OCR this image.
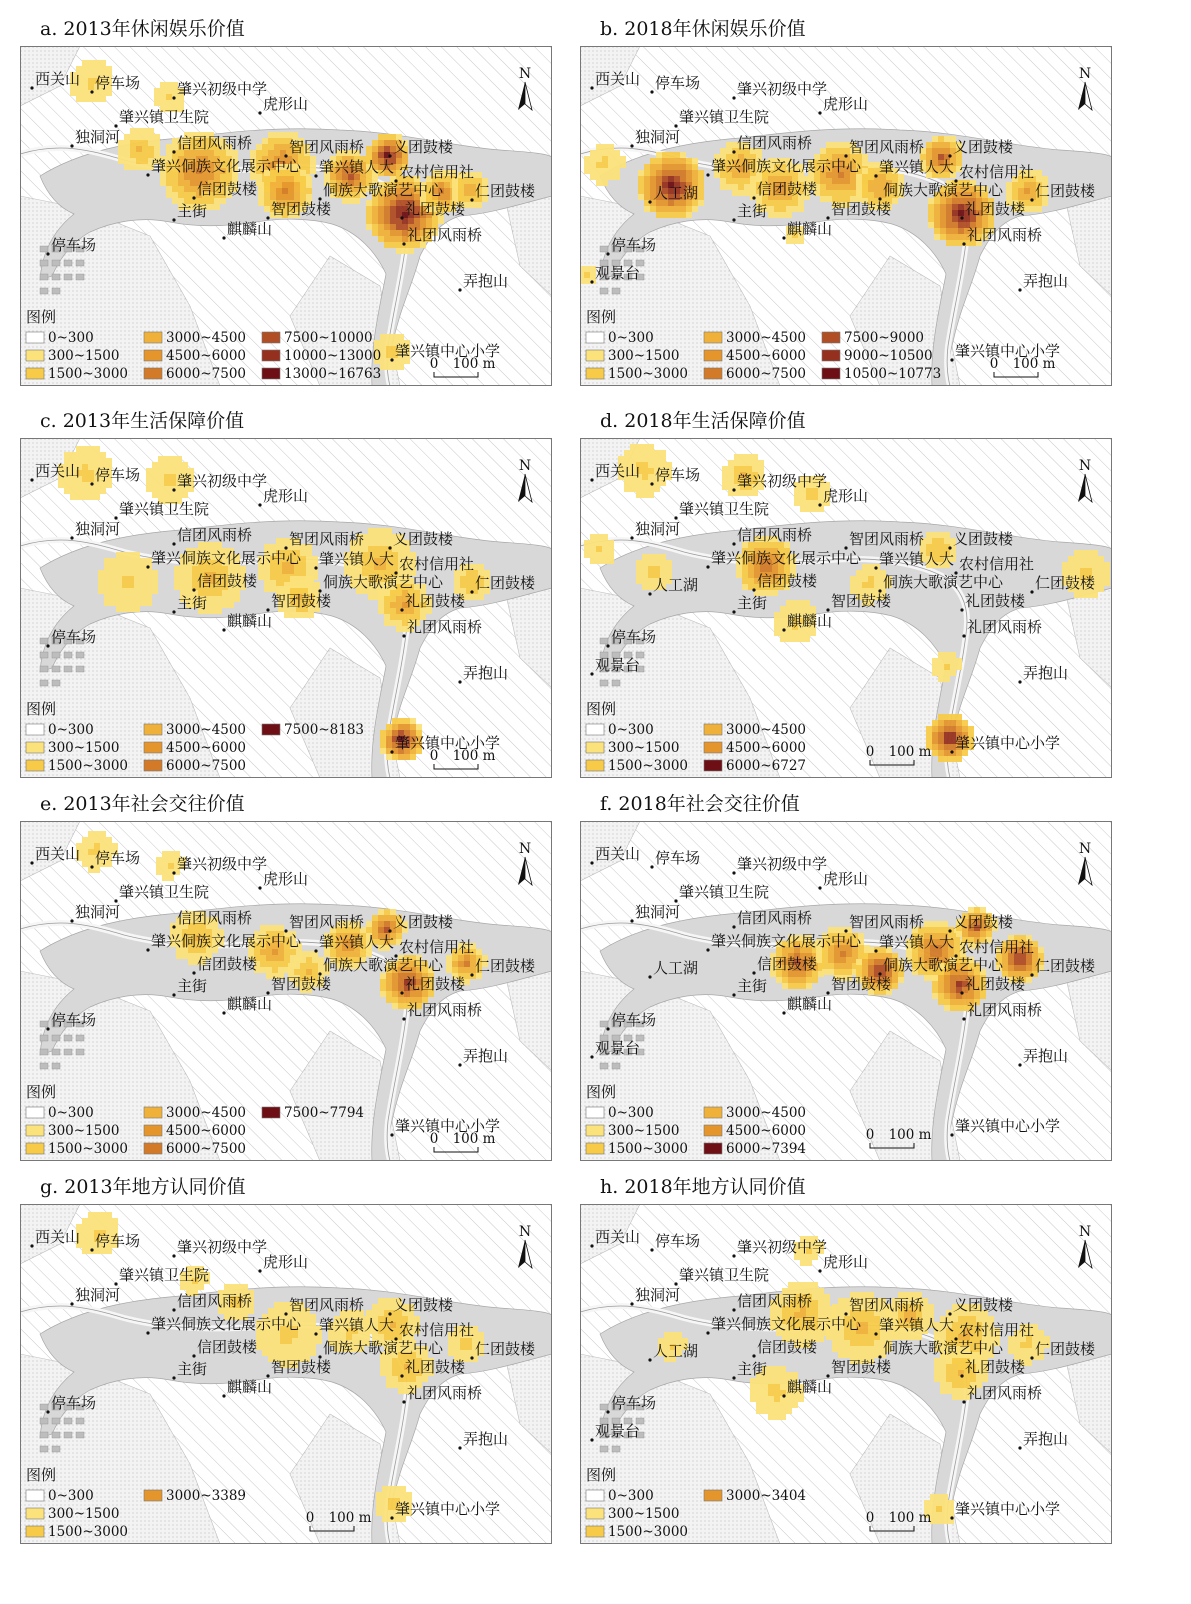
a. 2013年休闲娱乐价值
西关山 停车场 肇兴初级中学
虎形山
肇兴镇卫生院
独洞河	信团风雨桥 智团风雨桥 义团鼓楼
肇兴侗族文化展示中心 肇兴镇人大 农村信用社
信团鼓楼	侗族大歌演艺中心 仁团鼓楼
主街	智团鼓楼	礼团鼓楼
麒麟山	礼团风雨桥
停车场
弄抱山
肇兴镇中心小学
N
图例
0~300
300~1500
1500~3000
3000~4500
4500~6000
6000~7500
7500~10000
10000~13000
13000~16763
0 100 m
b. 2018年休闲娱乐价值
西关山 停车场 肇兴初级中学
虎形山
肇兴镇卫生院
独洞河	信团风雨桥 智团风雨桥 义团鼓楼
肇兴侗族文化展示中心 肇兴镇人大 农村信用社
人工湖
主街
信团鼓楼	侗族大歌演艺中心 仁团鼓楼
智团鼓楼	礼团鼓楼
麒麟山	礼团风雨桥
停车场
观景台	弄抱山
肇兴镇中心小学
N
图例
0~300
300~1500
1500~3000
3000~4500
4500~6000
6000~7500
7500~9000
9000~10500
10500~10773
0 100 m
c. 2013年生活保障价值
西关山 停车场 肇兴初级中学
虎形山
肇兴镇卫生院
独洞河	信团风雨桥 智团风雨桥 义团鼓楼
肇兴侗族文化展示中心 肇兴镇人大 农村信用社
主街
信团鼓楼	侗族大歌演艺中心 仁团鼓楼
智团鼓楼	礼团鼓楼
麒麟山	礼团风雨桥
停车场
弄抱山
肇兴镇中心小学
N
图例
0~300
300~1500
1500~3000
3000~4500
4500~6000
6000~7500
7500~8183
0 100 m
d. 2018年生活保障价值
西关山 停车场 肇兴初级中学
虎形山
肇兴镇卫生院
独洞河	信团风雨桥 智团风雨桥 义团鼓楼
肇兴侗族文化展示中心 肇兴镇人大 农村信用社
人工湖
主街
信团鼓楼	侗族大歌演艺中心 仁团鼓楼
智团鼓楼	礼团鼓楼
麒麟山	礼团风雨桥
停车场
观景台	弄抱山
肇兴镇中心小学
N
图例
0~300
300~1500
1500~3000
3000~4500
4500~6000
6000~6727
0 100 m
e. 2013年社会交往价值
西关山 停车场 肇兴初级中学
虎形山
肇兴镇卫生院
独洞河	信团风雨桥 智团风雨桥 义团鼓楼
肇兴侗族文化展示中心 肇兴镇人大 农村信用社
主街
信团鼓楼	侗族大歌演艺中心 仁团鼓楼
智团鼓楼	礼团鼓楼
麒麟山	礼团风雨桥
停车场
弄抱山
肇兴镇中心小学
N
图例
0~300
300~1500
1500~3000
3000~4500
4500~6000
6000~7500
7500~7794
0 100 m
f. 2018年社会交往价值
西关山 停车场 肇兴初级中学
虎形山
肇兴镇卫生院
独洞河	信团风雨桥 智团风雨桥 义团鼓楼
肇兴侗族文化展示中心 肇兴镇人大 农村信用社
人工湖
主街
信团鼓楼	侗族大歌演艺中心 仁团鼓楼
智团鼓楼	礼团鼓楼
麒麟山	礼团风雨桥
停车场
观景台	弄抱山
肇兴镇中心小学
N
图例
0~300
300~1500
1500~3000
3000~4500
4500~6000
6000~7394
0 100 m
g. 2013年地方认同价值
西关山 停车场 肇兴初级中学
虎形山
肇兴镇卫生院
独洞河	信团风雨桥 智团风雨桥 义团鼓楼
肇兴侗族文化展示中心 肇兴镇人大 农村信用社
主街
信团鼓楼	侗族大歌演艺中心 仁团鼓楼
智团鼓楼	礼团鼓楼
麒麟山	礼团风雨桥
停车场
弄抱山
肇兴镇中心小学
N
图例
0~300
300~1500
1500~3000
3000~3389
0 100 m
h. 2018年地方认同价值
西关山 停车场 肇兴初级中学
虎形山
肇兴镇卫生院
独洞河	信团风雨桥 智团风雨桥 义团鼓楼
肇兴侗族文化展示中心 肇兴镇人大 农村信用社
人工湖
主街
信团鼓楼	侗族大歌演艺中心 仁团鼓楼
智团鼓楼	礼团鼓楼
麒麟山	礼团风雨桥
停车场
观景台	弄抱山
肇兴镇中心小学
N
图例
0~300
300~1500
1500~3000
3000~3404
0 100 m
